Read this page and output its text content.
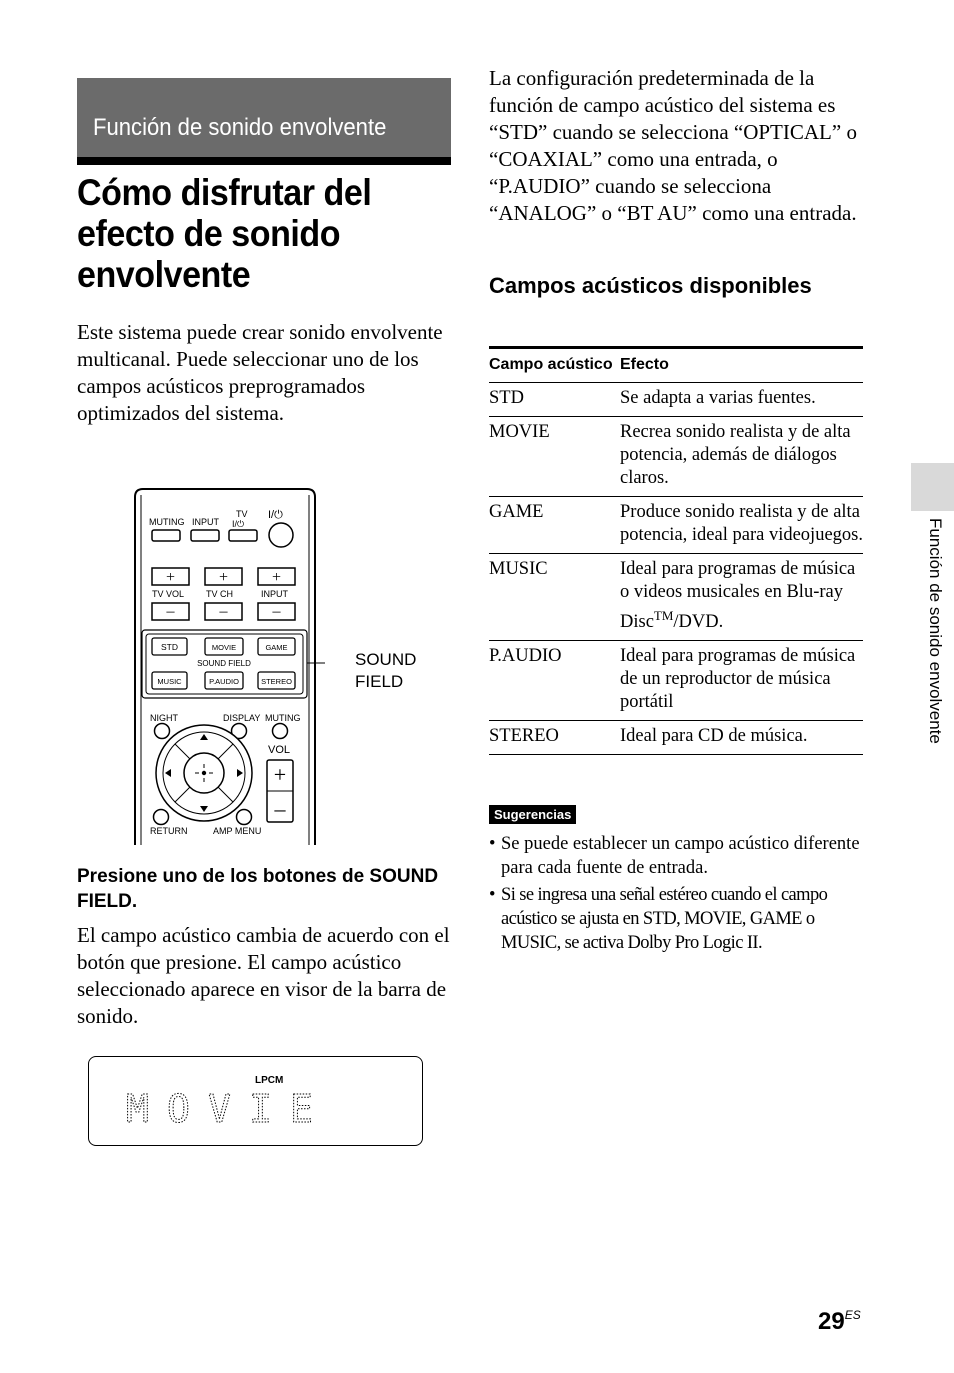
Función de sonido envolvente
Cómo disfrutar del efecto de sonido envolvente
Este sistema puede crear sonido envolvente multicanal. Puede seleccionar uno de los campos acústicos preprogramados optimizados del sistema.
MUTING INPUT
TV
I/⏻
I/⏻
+
–
+
–
+
–
TV VOL TV CH	INPUT
STD	MOVIE	GAME
SOUND FIELD
MUSIC	P.AUDIO	STEREO
NIGHT	DISPLAY MUTING
VOL
+
–
RETURN	AMP MENU
SOUND
FIELD
Presione uno de los botones de SOUND FIELD.
El campo acústico cambia de acuerdo con el botón que presione. El campo acústico seleccionado aparece en visor de la barra de sonido.
LPCM
MOVIE
La configuración predeterminada de la función de campo acústico del sistema es “STD” cuando se selecciona “OPTICAL” o “COAXIAL” como una entrada, o “P.AUDIO” cuando se selecciona “ANALOG” o “BT AU” como una entrada.
Campos acústicos disponibles
Campo acústico	Efecto
STD	Se adapta a varias fuentes.
MOVIE	Recrea sonido realista y de alta potencia, además de diálogos claros.
GAME	Produce sonido realista y de alta potencia, ideal para videojuegos.
MUSIC	Ideal para programas de música o videos musicales en Blu-ray Disc™/DVD.
P.AUDIO	Ideal para programas de música de un reproductor de música portátil
STEREO	Ideal para CD de música.
Sugerencias
• Se puede establecer un campo acústico diferente para cada fuente de entrada.
• Si se ingresa una señal estéreo cuando el campo acústico se ajusta en STD, MOVIE, GAME o MUSIC, se activa Dolby Pro Logic II.
Función de sonido envolvente
$29^{ES}$
